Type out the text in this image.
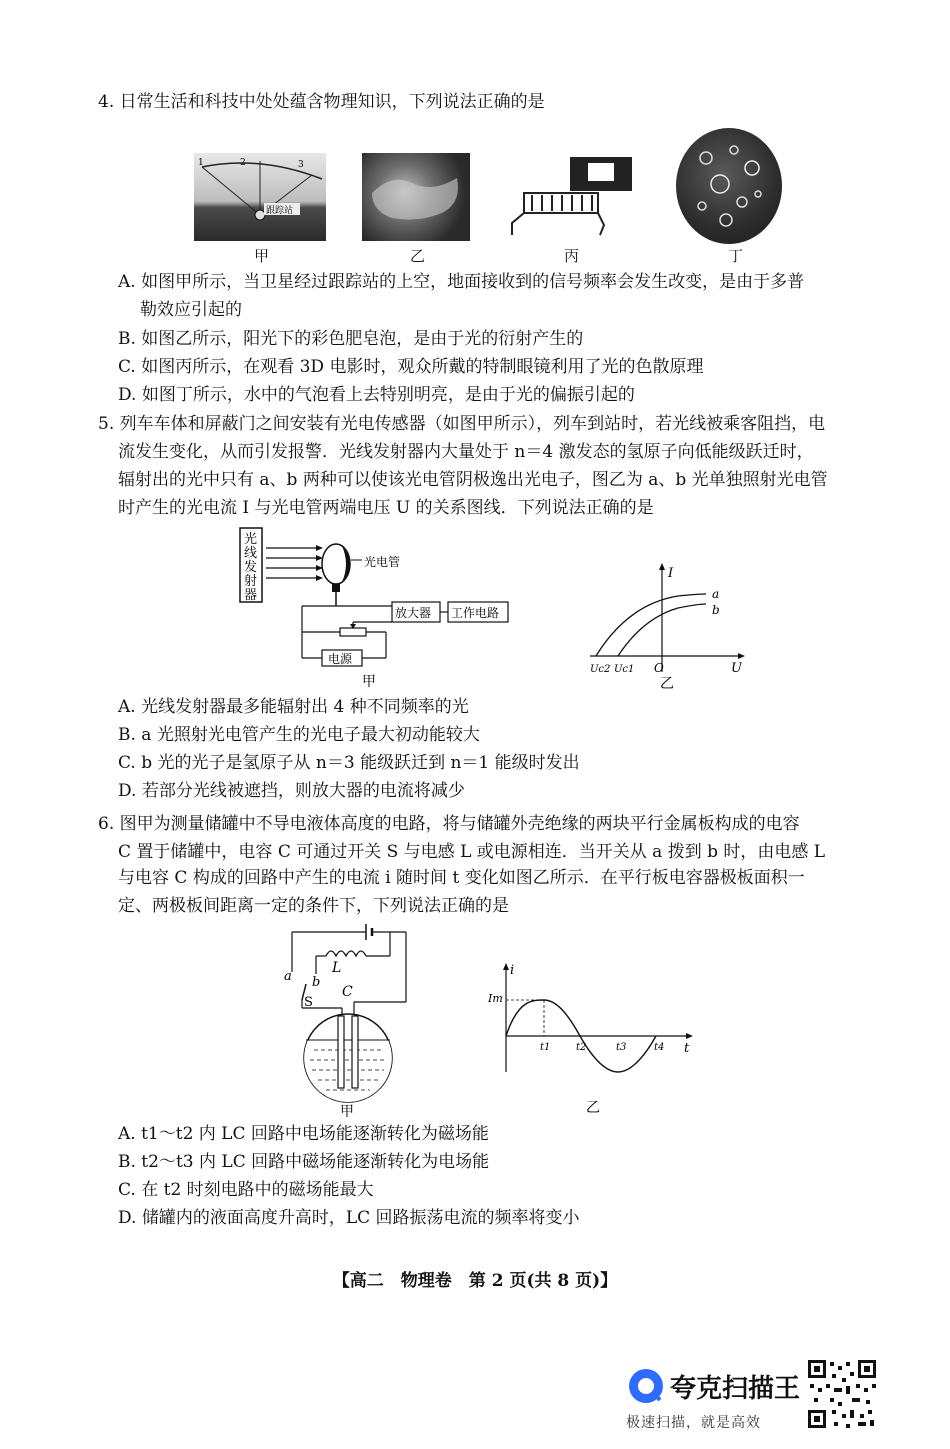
4. 日常生活和科技中处处蕴含物理知识，下列说法正确的是
1	2	3
跟踪站
甲	乙	丙	丁
A. 如图甲所示，当卫星经过跟踪站的上空，地面接收到的信号频率会发生改变，是由于多普
勒效应引起的
B. 如图乙所示，阳光下的彩色肥皂泡，是由于光的衍射产生的
C. 如图丙所示，在观看 3D 电影时，观众所戴的特制眼镜利用了光的色散原理
D. 如图丁所示，水中的气泡看上去特别明亮，是由于光的偏振引起的
5. 列车车体和屏蔽门之间安装有光电传感器（如图甲所示），列车到站时，若光线被乘客阻挡，电
流发生变化，从而引发报警．光线发射器内大量处于 n＝4 激发态的氢原子向低能级跃迁时，
辐射出的光中只有 a、b 两种可以使该光电管阴极逸出光电子，图乙为 a、b 光单独照射光电管
时产生的光电流 I 与光电管两端电压 U 的关系图线．下列说法正确的是
光
线
发
射
器
光电管
放大器 工作电路
电源
甲
I
U
O
a
b
Uc2 Uc1
乙
A. 光线发射器最多能辐射出 4 种不同频率的光
B. a 光照射光电管产生的光电子最大初动能较大
C. b 光的光子是氢原子从 n＝3 能级跃迁到 n＝1 能级时发出
D. 若部分光线被遮挡，则放大器的电流将减少
6. 图甲为测量储罐中不导电液体高度的电路，将与储罐外壳绝缘的两块平行金属板构成的电容
C 置于储罐中，电容 C 可通过开关 S 与电感 L 或电源相连．当开关从 a 拨到 b 时，由电感 L
与电容 C 构成的回路中产生的电流 i 随时间 t 变化如图乙所示．在平行板电容器极板面积一
定、两极板间距离一定的条件下，下列说法正确的是
L
a b
S
C
甲
i
t
Im
t1	t2	t3	t4
乙
A. t1～t2 内 LC 回路中电场能逐渐转化为磁场能
B. t2～t3 内 LC 回路中磁场能逐渐转化为电场能
C. 在 t2 时刻电路中的磁场能最大
D. 储罐内的液面高度升高时，LC 回路振荡电流的频率将变小
【高二　物理卷　第 2 页(共 8 页)】
夸克扫描王
极速扫描，就是高效
